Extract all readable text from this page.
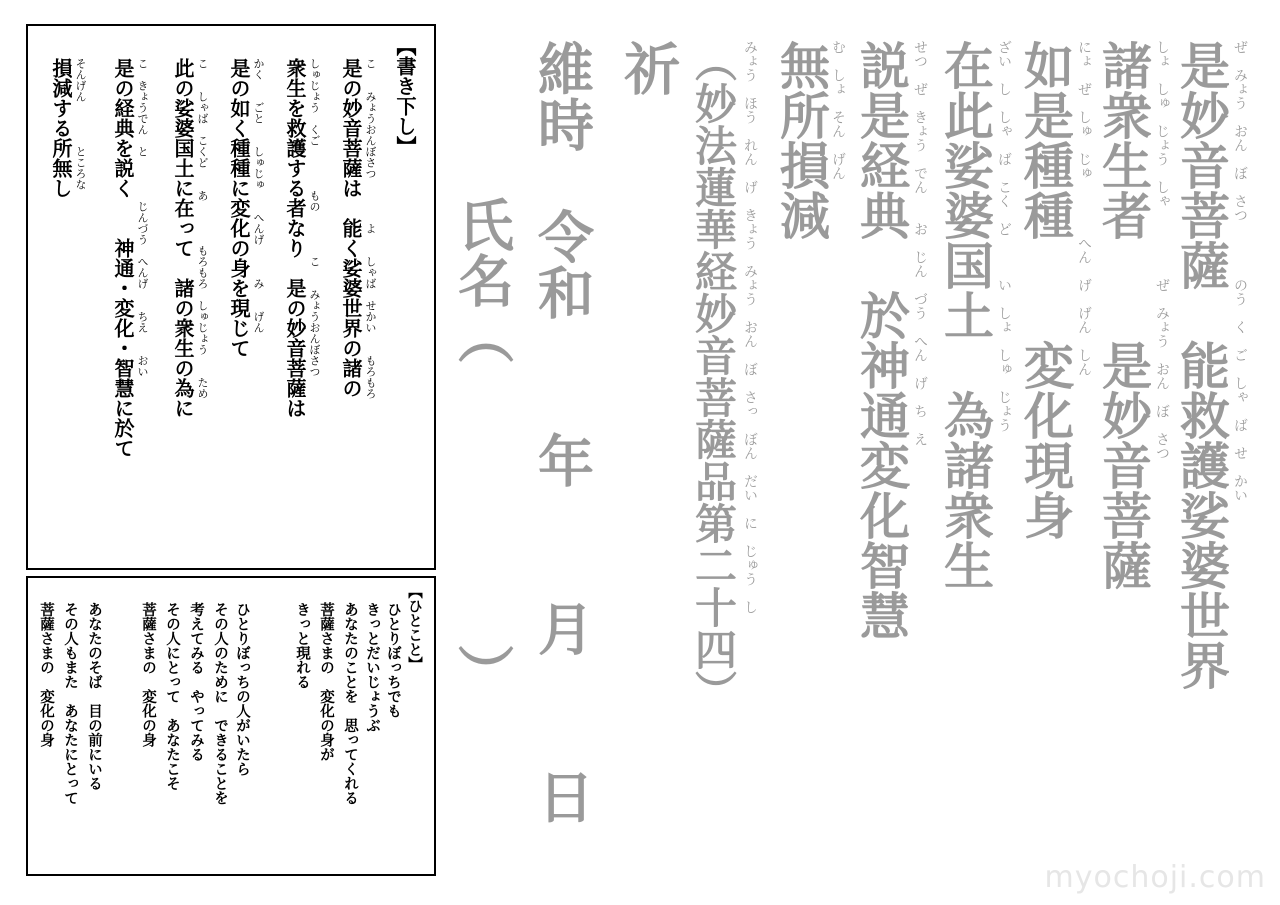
是妙音菩薩　能救護娑婆世界 ぜ　みょう　おん　ぼ　さつ　　　　のう　く　ご　しゃ　ば　せ　かい
諸衆生者　　是妙音菩薩 しょ　しゅ　じょう　しゃ　　　　　ぜ　みょう　おん　ぼ　さつ
如是種種　　変化現身 にょ　ぜ　しゅ　じゅ　　　　へん　げ　げん　しん
在此娑婆国土　為諸衆生 ざい　し　しゃ　ば　こく　ど　　　い　しょ　しゅ　じょう
説是経典　於神通変化智慧 せつ　ぜ　きょう　でん　　お　じん　づう　へん　げ　ち　え
無所損減 む　しょ　そん　げん
（妙法蓮華経妙音菩薩品第二十四） みょう　ほう　れん　げ　きょう　みょう　おん　ぼ　さっ　ぼん　だい　に　じゅう　し
祈
維時　令和　　年　　月　　日
氏名（　　　　　）
【書き下し】
是の妙音菩薩は　能く娑婆世界の諸の こ　　みょうおんぼさつ　　　　よ　　しゃば　せかい　　もろもろ
衆生を救護する者なり　是の妙音菩薩は しゅじょう　くご　　　　もの　　　　こ　　みょうおんぼさつ
是の如く種種に変化の身を現じて かく　　ごと　　しゅじゅ　　へんげ　　　み　　げん
此の娑婆国土に在って　諸の衆生の為に こ　　しゃば　こくど　　あ　　　　もろもろ　しゅじょう　　ため
是の経典を説く　　神通・変化・智慧に於て こ　きょうでん　と　　　　じんづう　へんげ　　ちえ　　おい
損減する所無し そんげん　　　　ところな
【ひとこと】
ひとりぼっちでも
きっとだいじょうぶ
あなたのことを　思ってくれる
菩薩さまの　変化の身が
きっと現れる
ひとりぼっちの人がいたら
その人のために　できることを
考えてみる　やってみる
その人にとって　あなたこそ
菩薩さまの　変化の身
あなたのそば　目の前にいる
その人もまた　あなたにとって
菩薩さまの　変化の身
myochoji.com
